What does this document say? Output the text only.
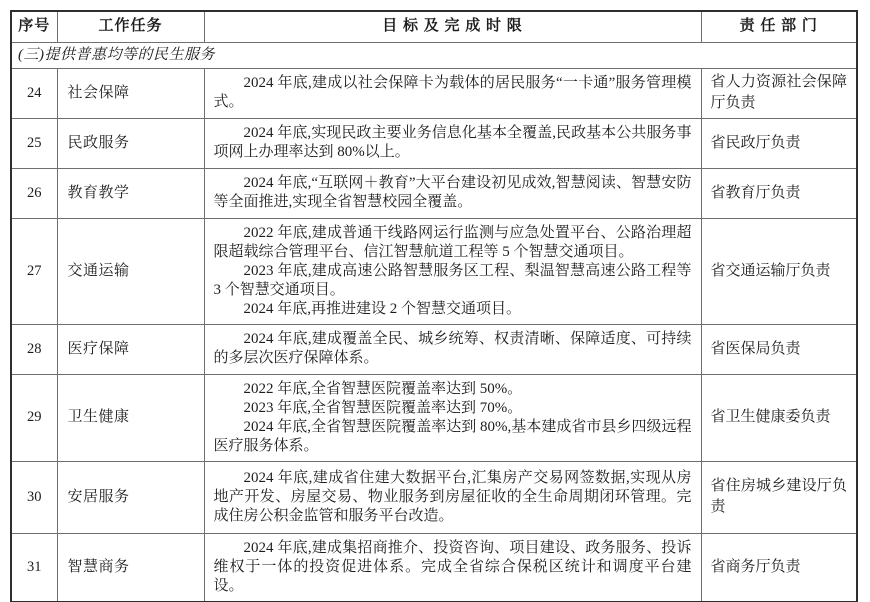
序号	工作任务	目 标 及 完 成 时 限	责 任 部 门
(三)提供普惠均等的民生服务			
24	社会保障	2024 年底,建成以社会保障卡为载体的居民服务“一卡通”服务管理模式。	省人力资源社会保障厅负责
25	民政服务	2024 年底,实现民政主要业务信息化基本全覆盖,民政基本公共服务事项网上办理率达到 80%以上。	省民政厅负责
26	教育教学	2024 年底,“互联网＋教育”大平台建设初见成效,智慧阅读、智慧安防等全面推进,实现全省智慧校园全覆盖。	省教育厅负责
27	交通运输	2022 年底,建成普通干线路网运行监测与应急处置平台、公路治理超限超载综合管理平台、信江智慧航道工程等 5 个智慧交通项目。

2023 年底,建成高速公路智慧服务区工程、梨温智慧高速公路工程等 3 个智慧交通项目。

2024 年底,再推进建设 2 个智慧交通项目。	省交通运输厅负责
28	医疗保障	2024 年底,建成覆盖全民、城乡统筹、权责清晰、保障适度、可持续的多层次医疗保障体系。	省医保局负责
29	卫生健康	2022 年底,全省智慧医院覆盖率达到 50%。

2023 年底,全省智慧医院覆盖率达到 70%。

2024 年底,全省智慧医院覆盖率达到 80%,基本建成省市县乡四级远程医疗服务体系。	省卫生健康委负责
30	安居服务	2024 年底,建成省住建大数据平台,汇集房产交易网签数据,实现从房地产开发、房屋交易、物业服务到房屋征收的全生命周期闭环管理。完成住房公积金监管和服务平台改造。	省住房城乡建设厅负责
31	智慧商务	2024 年底,建成集招商推介、投资咨询、项目建设、政务服务、投诉维权于一体的投资促进体系。完成全省综合保税区统计和调度平台建设。	省商务厅负责
